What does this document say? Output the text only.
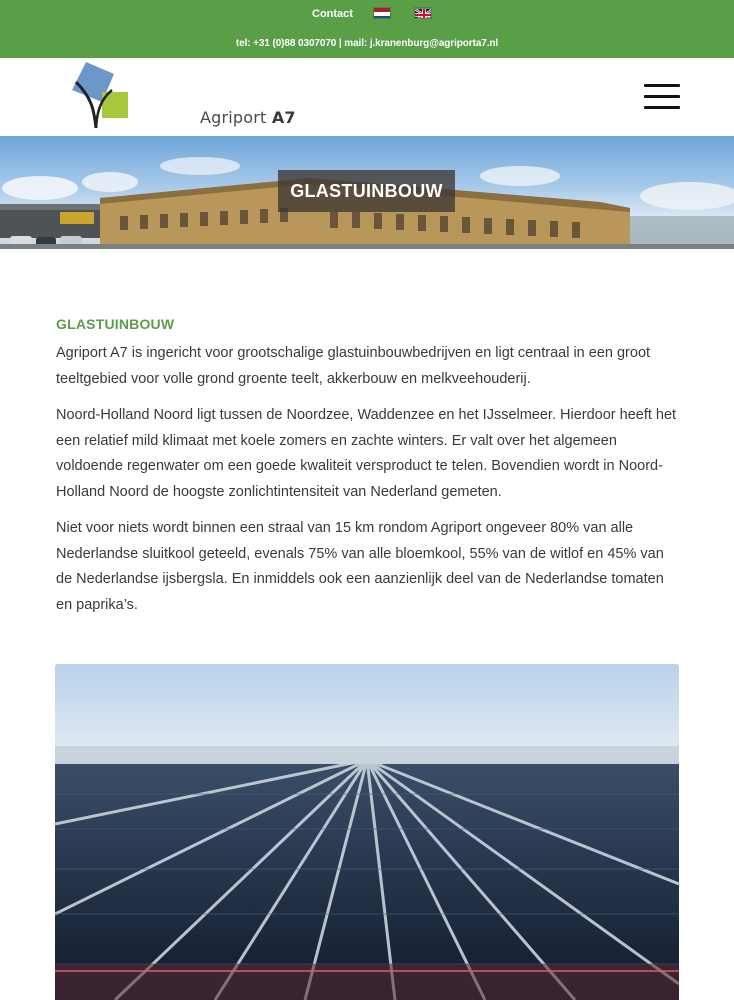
Contact
tel: +31 (0)88 0307070 | mail: j.kranenburg@agriporta7.nl
Agriport A7
GLASTUINBOUW
GLASTUINBOUW

Agriport A7 is ingericht voor grootschalige glastuinbouwbedrijven en ligt centraal in een groot teeltgebied voor volle grond groente teelt, akkerbouw en melkveehouderij.

Noord-Holland Noord ligt tussen de Noordzee, Waddenzee en het IJsselmeer. Hierdoor heeft het een relatief mild klimaat met koele zomers en zachte winters. Er valt over het algemeen voldoende regenwater om een goede kwaliteit versproduct te telen. Bovendien wordt in Noord-Holland Noord de hoogste zonlichtintensiteit van Nederland gemeten.

Niet voor niets wordt binnen een straal van 15 km rondom Agriport ongeveer 80% van alle Nederlandse sluitkool geteeld, evenals 75% van alle bloemkool, 55% van de witlof en 45% van de Nederlandse ijsbergsla. En inmiddels ook een aanzienlijk deel van de Nederlandse tomaten en paprika’s.
